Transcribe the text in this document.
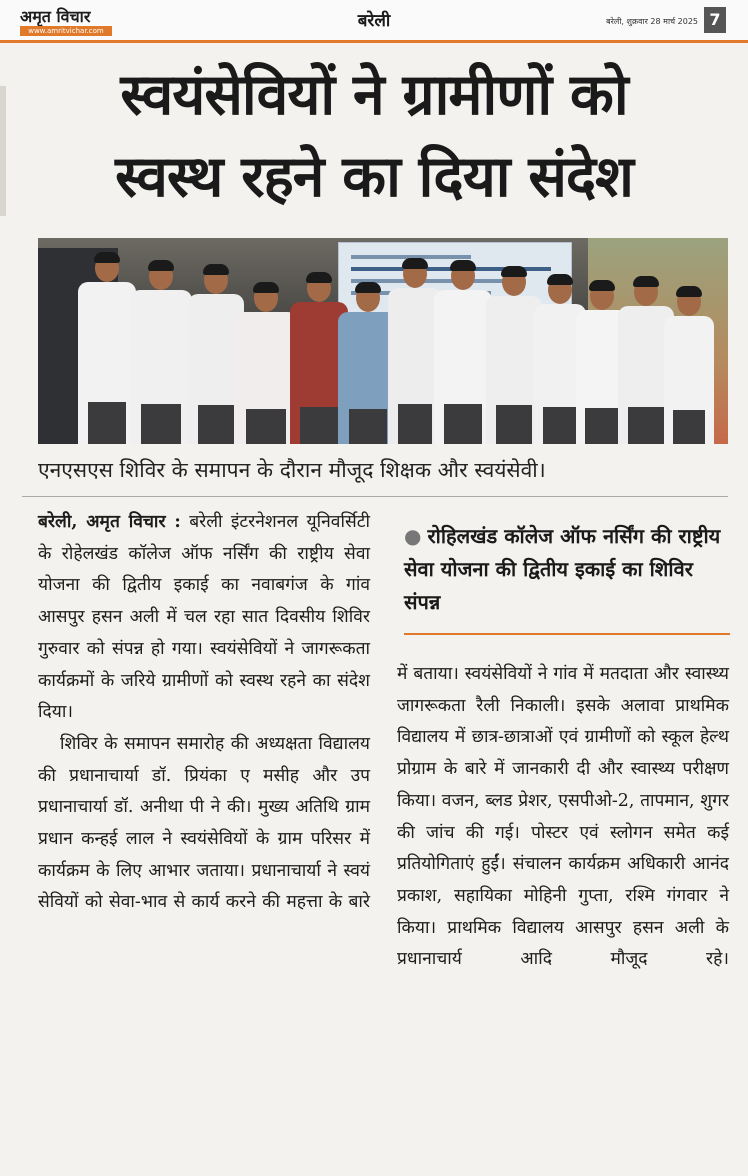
अमृत विचार
www.amritvichar.com	बरेली	बरेली, शुक्रवार 28 मार्च 2025 7
स्वयंसेवियों ने ग्रामीणों को
स्वस्थ रहने का दिया संदेश
एनएसएस शिविर के समापन के दौरान मौजूद शिक्षक और स्वयंसेवी।

बरेली, अमृत विचार : बरेली इंटरनेशनल यूनिवर्सिटी के रोहेलखंड कॉलेज ऑफ नर्सिंग की राष्ट्रीय सेवा योजना की द्वितीय इकाई का नवाबगंज के गांव आसपुर हसन अली में चल रहा सात दिवसीय शिविर गुरुवार को संपन्न हो गया। स्वयंसेवियों ने जागरूकता कार्यक्रमों के जरिये ग्रामीणों को स्वस्थ रहने का संदेश दिया।

शिविर के समापन समारोह की अध्यक्षता विद्यालय की प्रधानाचार्या डॉ. प्रियंका ए मसीह और उप प्रधानाचार्या डॉ. अनीथा पी ने की। मुख्य अतिथि ग्राम प्रधान कन्हई लाल ने स्वयंसेवियों के ग्राम परिसर में कार्यक्रम के लिए आभार जताया। प्रधानाचार्या ने स्वयं सेवियों को सेवा-भाव से कार्य करने की महत्ता के बारे

● रोहिलखंड कॉलेज ऑफ नर्सिंग की राष्ट्रीय सेवा योजना की द्वितीय इकाई का शिविर संपन्न

में बताया। स्वयंसेवियों ने गांव में मतदाता और स्वास्थ्य जागरूकता रैली निकाली। इसके अलावा प्राथमिक विद्यालय में छात्र-छात्राओं एवं ग्रामीणों को स्कूल हेल्थ प्रोग्राम के बारे में जानकारी दी और स्वास्थ्य परीक्षण किया। वजन, ब्लड प्रेशर, एसपीओ-2, तापमान, शुगर की जांच की गई। पोस्टर एवं स्लोगन समेत कई प्रतियोगिताएं हुईं। संचालन कार्यक्रम अधिकारी आनंद प्रकाश, सहायिका मोहिनी गुप्ता, रश्मि गंगवार ने किया। प्राथमिक विद्यालय आसपुर हसन अली के प्रधानाचार्य आदि मौजूद रहे।
